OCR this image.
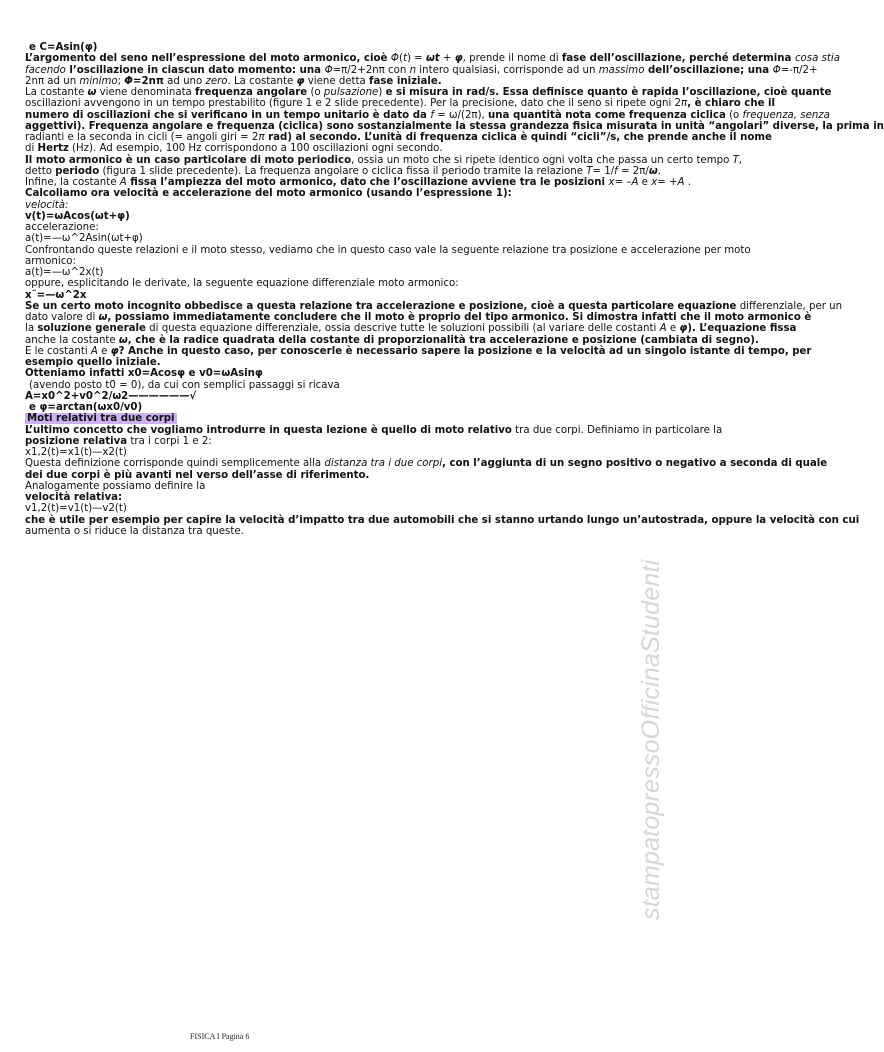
e C=Asin(φ)
L’argomento del seno nell’espressione del moto armonico, cioè Φ(t) = ωt + φ, prende il nome di fase dell’oscillazione, perché determina cosa stia
facendo l’oscillazione in ciascun dato momento: una Φ=π/2+2nπ con n intero qualsiasi, corrisponde ad un massimo dell’oscillazione; una Φ=-π/2+
2nπ ad un minimo; Φ=2nπ ad uno zero. La costante φ viene detta fase iniziale.
La costante ω viene denominata frequenza angolare (o pulsazione) e si misura in rad/s. Essa definisce quanto è rapida l’oscillazione, cioè quante
oscillazioni avvengono in un tempo prestabilito (figure 1 e 2 slide precedente). Per la precisione, dato che il seno si ripete ogni 2π, è chiaro che il
numero di oscillazioni che si verificano in un tempo unitario è dato da f = ω/(2π), una quantità nota come frequenza ciclica (o frequenza, senza
aggettivi). Frequenza angolare e frequenza (ciclica) sono sostanzialmente la stessa grandezza fisica misurata in unità “angolari” diverse, la prima in
radianti e la seconda in cicli (= angoli giri = 2π rad) al secondo. L’unità di frequenza ciclica è quindi “cicli”/s, che prende anche il nome
di Hertz (Hz). Ad esempio, 100 Hz corrispondono a 100 oscillazioni ogni secondo.
Il moto armonico è un caso particolare di moto periodico, ossia un moto che si ripete identico ogni volta che passa un certo tempo T,
detto periodo (figura 1 slide precedente). La frequenza angolare o ciclica fissa il periodo tramite la relazione T= 1/f = 2π/ω.
Infine, la costante A fissa l’ampiezza del moto armonico, dato che l’oscillazione avviene tra le posizioni x= –A e x= +A .
Calcoliamo ora velocità e accelerazione del moto armonico (usando l’espressione 1):
velocità:
v(t)=ωAcos(ωt+φ)
accelerazione:
a(t)=—ω^2Asin(ωt+φ)
Confrontando queste relazioni e il moto stesso, vediamo che in questo caso vale la seguente relazione tra posizione e accelerazione per moto
armonico:
a(t)=—ω^2x(t)
oppure, esplicitando le derivate, la seguente equazione differenziale moto armonico:
x¨=—ω^2x
Se un certo moto incognito obbedisce a questa relazione tra accelerazione e posizione, cioè a questa particolare equazione differenziale, per un
dato valore di ω, possiamo immediatamente concludere che il moto è proprio del tipo armonico. Si dimostra infatti che il moto armonico è
la soluzione generale di questa equazione differenziale, ossia descrive tutte le soluzioni possibili (al variare delle costanti A e φ). L’equazione fissa
anche la costante ω, che è la radice quadrata della costante di proporzionalità tra accelerazione e posizione (cambiata di segno).
E le costanti A e φ? Anche in questo caso, per conoscerle è necessario sapere la posizione e la velocità ad un singolo istante di tempo, per
esempio quello iniziale.
Otteniamo infatti x0=Acosφ e v0=ωAsinφ
(avendo posto t0 = 0), da cui con semplici passaggi si ricava
A=x0^2+v0^2/ω2——————√
e φ=arctan(ωx0/v0)
Moti relativi tra due corpi
L’ultimo concetto che vogliamo introdurre in questa lezione è quello di moto relativo tra due corpi. Definiamo in particolare la
posizione relativa tra i corpi 1 e 2:
x1,2(t)=x1(t)—x2(t)
Questa definizione corrisponde quindi semplicemente alla distanza tra i due corpi, con l’aggiunta di un segno positivo o negativo a seconda di quale
dei due corpi è più avanti nel verso dell’asse di riferimento.
Analogamente possiamo definire la
velocità relativa:
v1,2(t)=v1(t)—v2(t)
che è utile per esempio per capire la velocità d’impatto tra due automobili che si stanno urtando lungo un’autostrada, oppure la velocità con cui
aumenta o si riduce la distanza tra queste.
stampatopressoOfficinaStudenti
FISICA I Pagina 6
